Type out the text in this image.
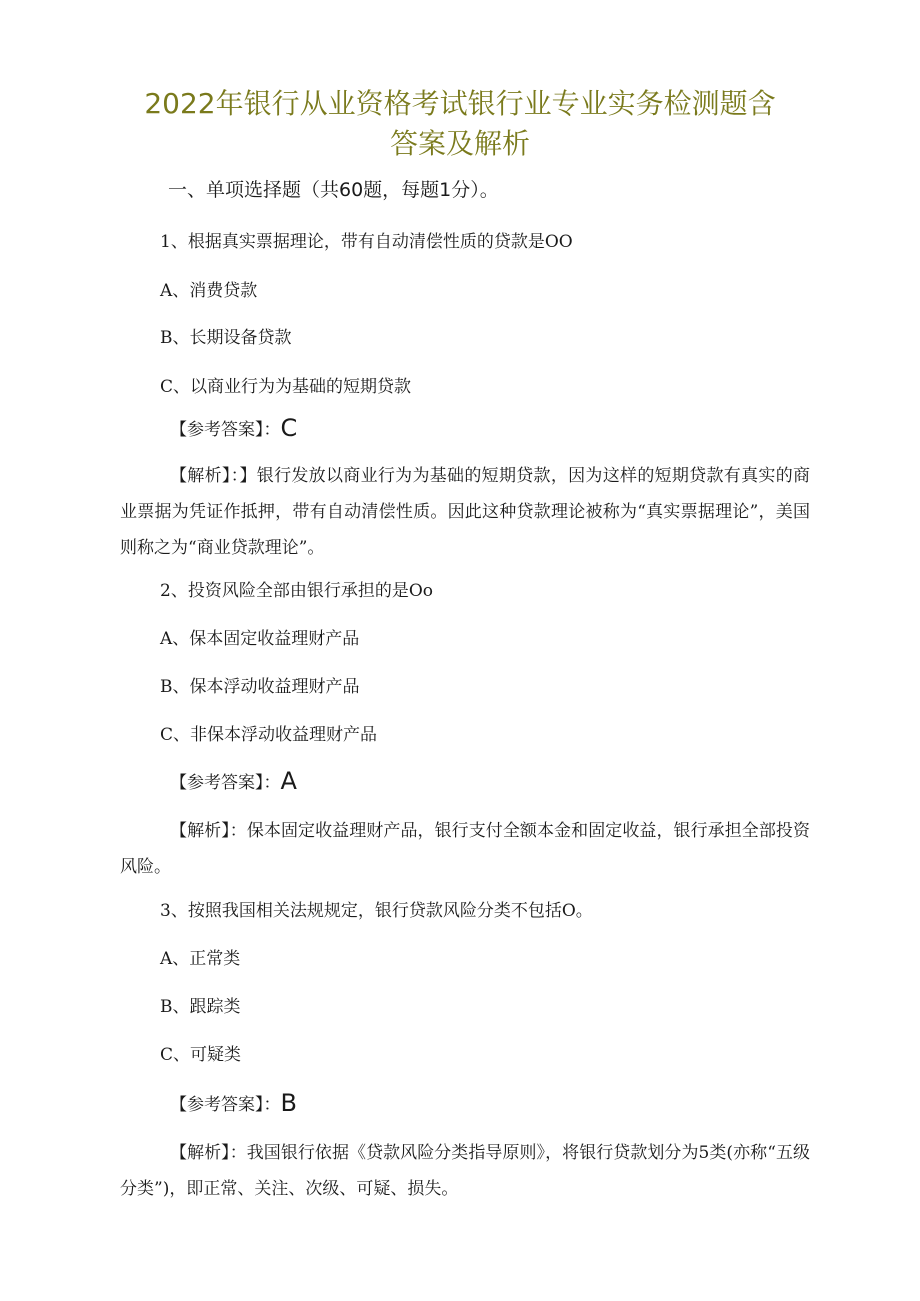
2022年银行从业资格考试银行业专业实务检测题含
答案及解析
一、单项选择题（共60题，每题1分）。
1、根据真实票据理论，带有自动清偿性质的贷款是OO
A、消费贷款
B、长期设备贷款
C、以商业行为为基础的短期贷款
【参考答案】：C
【解析】：】银行发放以商业行为为基础的短期贷款，因为这样的短期贷款有真实的商业票据为凭证作抵押，带有自动清偿性质。因此这种贷款理论被称为“真实票据理论”，美国则称之为“商业贷款理论”。
2、投资风险全部由银行承担的是Oo
A、保本固定收益理财产品
B、保本浮动收益理财产品
C、非保本浮动收益理财产品
【参考答案】：A
【解析】：保本固定收益理财产品，银行支付全额本金和固定收益，银行承担全部投资风险。
3、按照我国相关法规规定，银行贷款风险分类不包括O。
A、正常类
B、跟踪类
C、可疑类
【参考答案】：B
【解析】：我国银行依据《贷款风险分类指导原则》，将银行贷款划分为5类(亦称“五级分类”)，即正常、关注、次级、可疑、损失。
